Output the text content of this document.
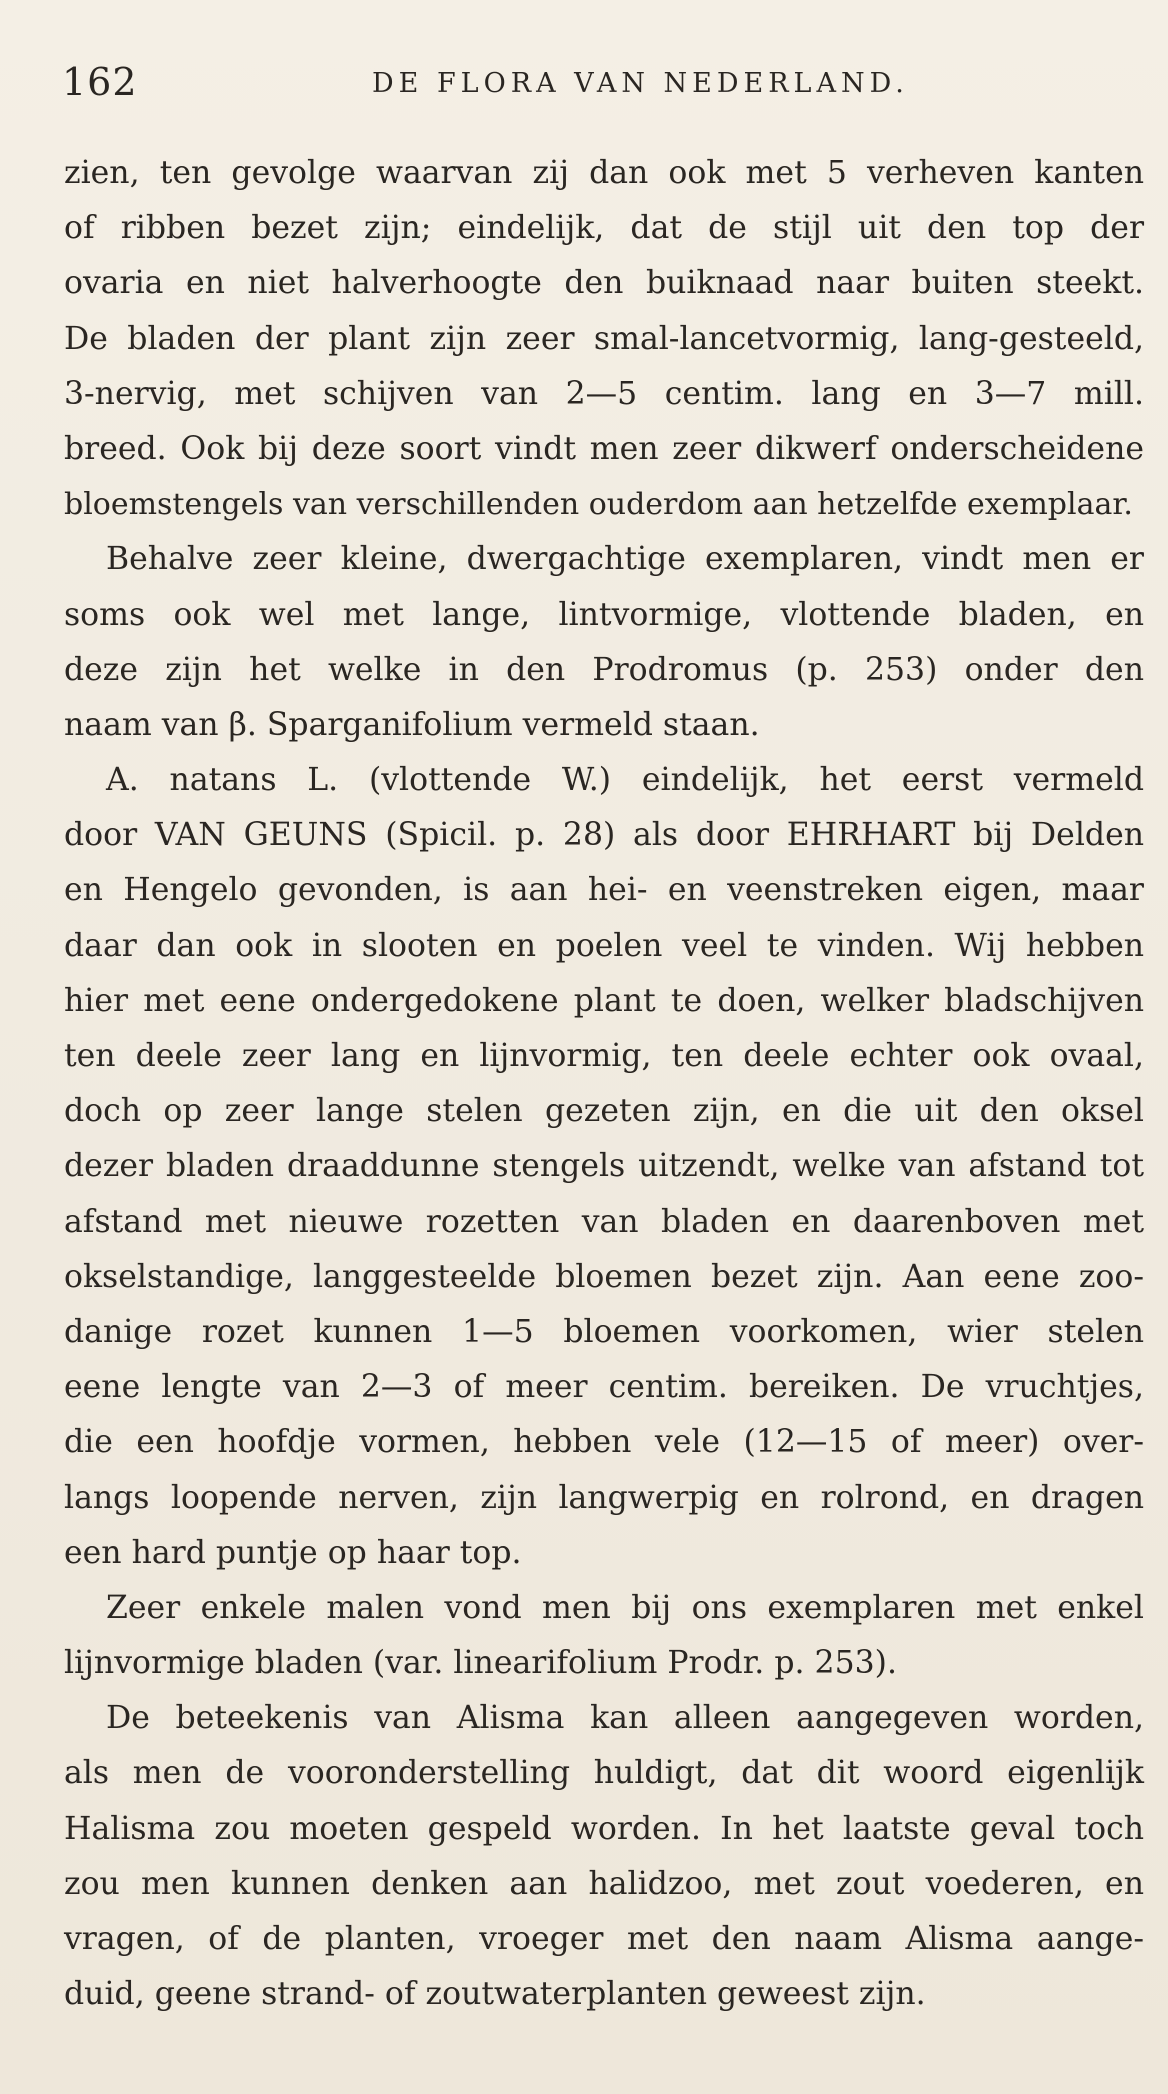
162	DE FLORA VAN NEDERLAND.
zien, ten gevolge waarvan zij dan ook met 5 verheven kanten
of ribben bezet zijn; eindelijk, dat de stijl uit den top der
ovaria en niet halverhoogte den buiknaad naar buiten steekt.
De bladen der plant zijn zeer smal-lancetvormig, lang-gesteeld,
3-nervig, met schijven van 2—5 centim. lang en 3—7 mill.
breed. Ook bij deze soort vindt men zeer dikwerf onderscheidene
bloemstengels van verschillenden ouderdom aan hetzelfde exemplaar.
Behalve zeer kleine, dwergachtige exemplaren, vindt men er
soms ook wel met lange, lintvormige, vlottende bladen, en
deze zijn het welke in den Prodromus (p. 253) onder den
naam van β. Sparganifolium vermeld staan.
A. natans L. (vlottende W.) eindelijk, het eerst vermeld
door VAN GEUNS (Spicil. p. 28) als door EHRHART bij Delden
en Hengelo gevonden, is aan hei- en veenstreken eigen, maar
daar dan ook in slooten en poelen veel te vinden. Wij hebben
hier met eene ondergedokene plant te doen, welker bladschijven
ten deele zeer lang en lijnvormig, ten deele echter ook ovaal,
doch op zeer lange stelen gezeten zijn, en die uit den oksel
dezer bladen draaddunne stengels uitzendt, welke van afstand tot
afstand met nieuwe rozetten van bladen en daarenboven met
okselstandige, langgesteelde bloemen bezet zijn. Aan eene zoo-
danige rozet kunnen 1—5 bloemen voorkomen, wier stelen
eene lengte van 2—3 of meer centim. bereiken. De vruchtjes,
die een hoofdje vormen, hebben vele (12—15 of meer) over-
langs loopende nerven, zijn langwerpig en rolrond, en dragen
een hard puntje op haar top.
Zeer enkele malen vond men bij ons exemplaren met enkel
lijnvormige bladen (var. linearifolium Prodr. p. 253).
De beteekenis van Alisma kan alleen aangegeven worden,
als men de vooronderstelling huldigt, dat dit woord eigenlijk
Halisma zou moeten gespeld worden. In het laatste geval toch
zou men kunnen denken aan halidzoo, met zout voederen, en
vragen, of de planten, vroeger met den naam Alisma aange-
duid, geene strand- of zoutwaterplanten geweest zijn.
